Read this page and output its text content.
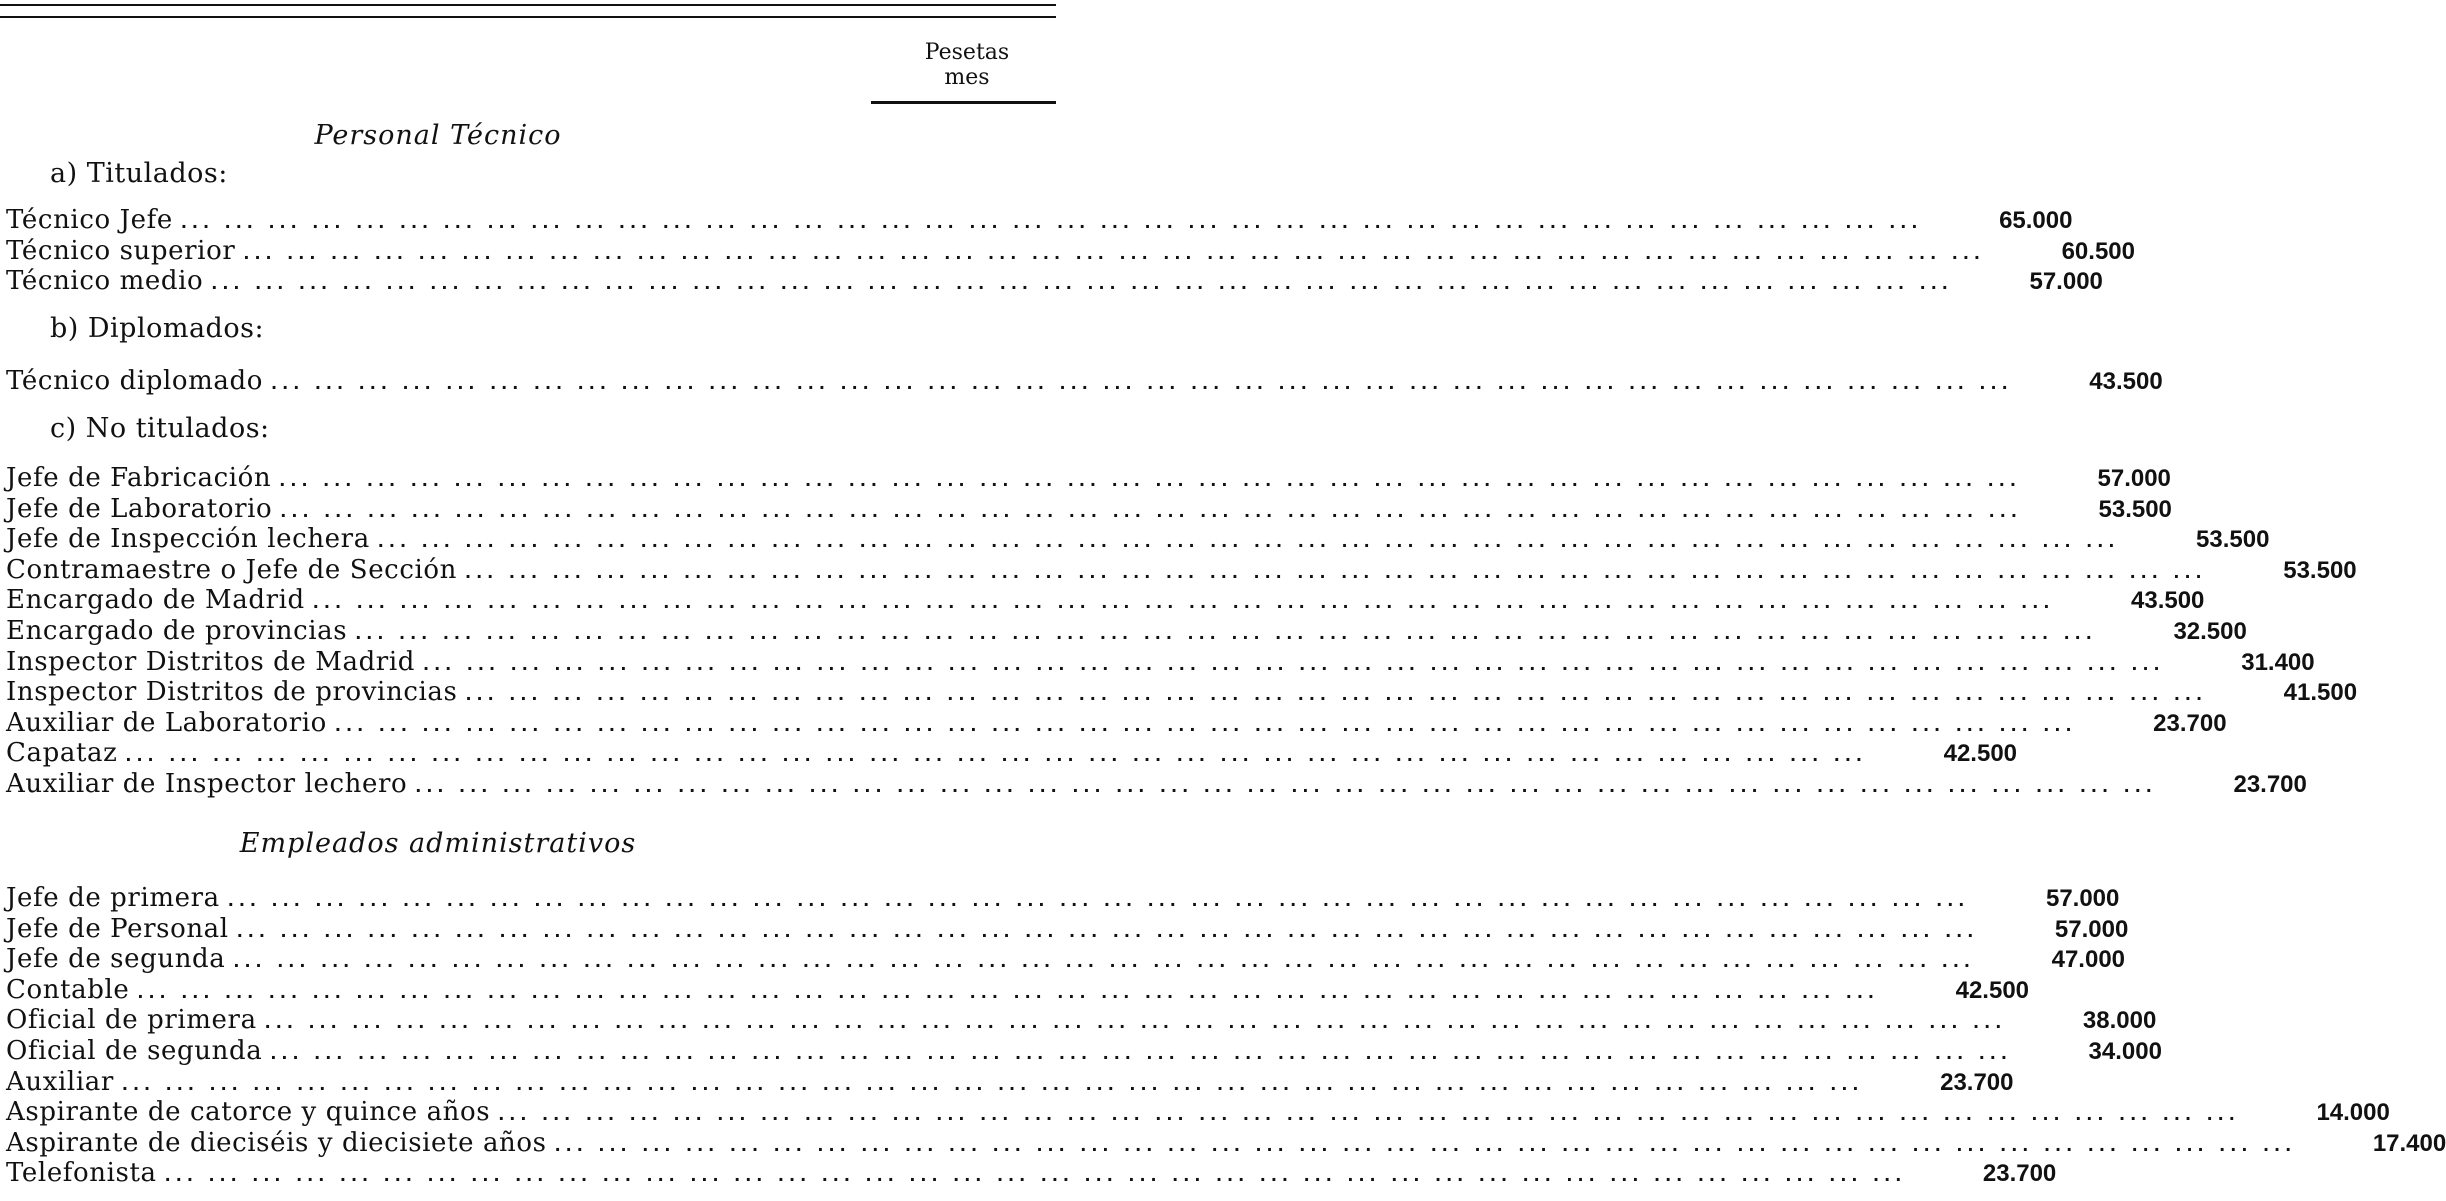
Pesetas
mes
Personal Técnico
a) Titulados:
Técnico Jefe ... ... ... ... ... ... ... ... ... ... ... ... ... ... ... ... ... ... ... ... ... ... ... ... ... ... ... ... ... ... ... ... ... ... ... ... ... ... ... ...	65.000
Técnico superior ... ... ... ... ... ... ... ... ... ... ... ... ... ... ... ... ... ... ... ... ... ... ... ... ... ... ... ... ... ... ... ... ... ... ... ... ... ... ... ...	60.500
Técnico medio ... ... ... ... ... ... ... ... ... ... ... ... ... ... ... ... ... ... ... ... ... ... ... ... ... ... ... ... ... ... ... ... ... ... ... ... ... ... ... ...	57.000
b) Diplomados:
Técnico diplomado ... ... ... ... ... ... ... ... ... ... ... ... ... ... ... ... ... ... ... ... ... ... ... ... ... ... ... ... ... ... ... ... ... ... ... ... ... ... ... ...	43.500
c) No titulados:
Jefe de Fabricación ... ... ... ... ... ... ... ... ... ... ... ... ... ... ... ... ... ... ... ... ... ... ... ... ... ... ... ... ... ... ... ... ... ... ... ... ... ... ... ...	57.000
Jefe de Laboratorio ... ... ... ... ... ... ... ... ... ... ... ... ... ... ... ... ... ... ... ... ... ... ... ... ... ... ... ... ... ... ... ... ... ... ... ... ... ... ... ...	53.500
Jefe de Inspección lechera ... ... ... ... ... ... ... ... ... ... ... ... ... ... ... ... ... ... ... ... ... ... ... ... ... ... ... ... ... ... ... ... ... ... ... ... ... ... ... ...	53.500
Contramaestre o Jefe de Sección ... ... ... ... ... ... ... ... ... ... ... ... ... ... ... ... ... ... ... ... ... ... ... ... ... ... ... ... ... ... ... ... ... ... ... ... ... ... ... ...	53.500
Encargado de Madrid ... ... ... ... ... ... ... ... ... ... ... ... ... ... ... ... ... ... ... ... ... ... ... ... ... ... ... ... ... ... ... ... ... ... ... ... ... ... ... ...	43.500
Encargado de provincias ... ... ... ... ... ... ... ... ... ... ... ... ... ... ... ... ... ... ... ... ... ... ... ... ... ... ... ... ... ... ... ... ... ... ... ... ... ... ... ...	32.500
Inspector Distritos de Madrid ... ... ... ... ... ... ... ... ... ... ... ... ... ... ... ... ... ... ... ... ... ... ... ... ... ... ... ... ... ... ... ... ... ... ... ... ... ... ... ...	31.400
Inspector Distritos de provincias ... ... ... ... ... ... ... ... ... ... ... ... ... ... ... ... ... ... ... ... ... ... ... ... ... ... ... ... ... ... ... ... ... ... ... ... ... ... ... ...	41.500
Auxiliar de Laboratorio ... ... ... ... ... ... ... ... ... ... ... ... ... ... ... ... ... ... ... ... ... ... ... ... ... ... ... ... ... ... ... ... ... ... ... ... ... ... ... ...	23.700
Capataz ... ... ... ... ... ... ... ... ... ... ... ... ... ... ... ... ... ... ... ... ... ... ... ... ... ... ... ... ... ... ... ... ... ... ... ... ... ... ... ...	42.500
Auxiliar de Inspector lechero ... ... ... ... ... ... ... ... ... ... ... ... ... ... ... ... ... ... ... ... ... ... ... ... ... ... ... ... ... ... ... ... ... ... ... ... ... ... ... ...	23.700
Empleados administrativos
Jefe de primera ... ... ... ... ... ... ... ... ... ... ... ... ... ... ... ... ... ... ... ... ... ... ... ... ... ... ... ... ... ... ... ... ... ... ... ... ... ... ... ...	57.000
Jefe de Personal ... ... ... ... ... ... ... ... ... ... ... ... ... ... ... ... ... ... ... ... ... ... ... ... ... ... ... ... ... ... ... ... ... ... ... ... ... ... ... ...	57.000
Jefe de segunda ... ... ... ... ... ... ... ... ... ... ... ... ... ... ... ... ... ... ... ... ... ... ... ... ... ... ... ... ... ... ... ... ... ... ... ... ... ... ... ...	47.000
Contable ... ... ... ... ... ... ... ... ... ... ... ... ... ... ... ... ... ... ... ... ... ... ... ... ... ... ... ... ... ... ... ... ... ... ... ... ... ... ... ...	42.500
Oficial de primera ... ... ... ... ... ... ... ... ... ... ... ... ... ... ... ... ... ... ... ... ... ... ... ... ... ... ... ... ... ... ... ... ... ... ... ... ... ... ... ...	38.000
Oficial de segunda ... ... ... ... ... ... ... ... ... ... ... ... ... ... ... ... ... ... ... ... ... ... ... ... ... ... ... ... ... ... ... ... ... ... ... ... ... ... ... ...	34.000
Auxiliar ... ... ... ... ... ... ... ... ... ... ... ... ... ... ... ... ... ... ... ... ... ... ... ... ... ... ... ... ... ... ... ... ... ... ... ... ... ... ... ...	23.700
Aspirante de catorce y quince años ... ... ... ... ... ... ... ... ... ... ... ... ... ... ... ... ... ... ... ... ... ... ... ... ... ... ... ... ... ... ... ... ... ... ... ... ... ... ... ...	14.000
Aspirante de dieciséis y diecisiete años ... ... ... ... ... ... ... ... ... ... ... ... ... ... ... ... ... ... ... ... ... ... ... ... ... ... ... ... ... ... ... ... ... ... ... ... ... ... ... ...	17.400
Telefonista ... ... ... ... ... ... ... ... ... ... ... ... ... ... ... ... ... ... ... ... ... ... ... ... ... ... ... ... ... ... ... ... ... ... ... ... ... ... ... ...	23.700
